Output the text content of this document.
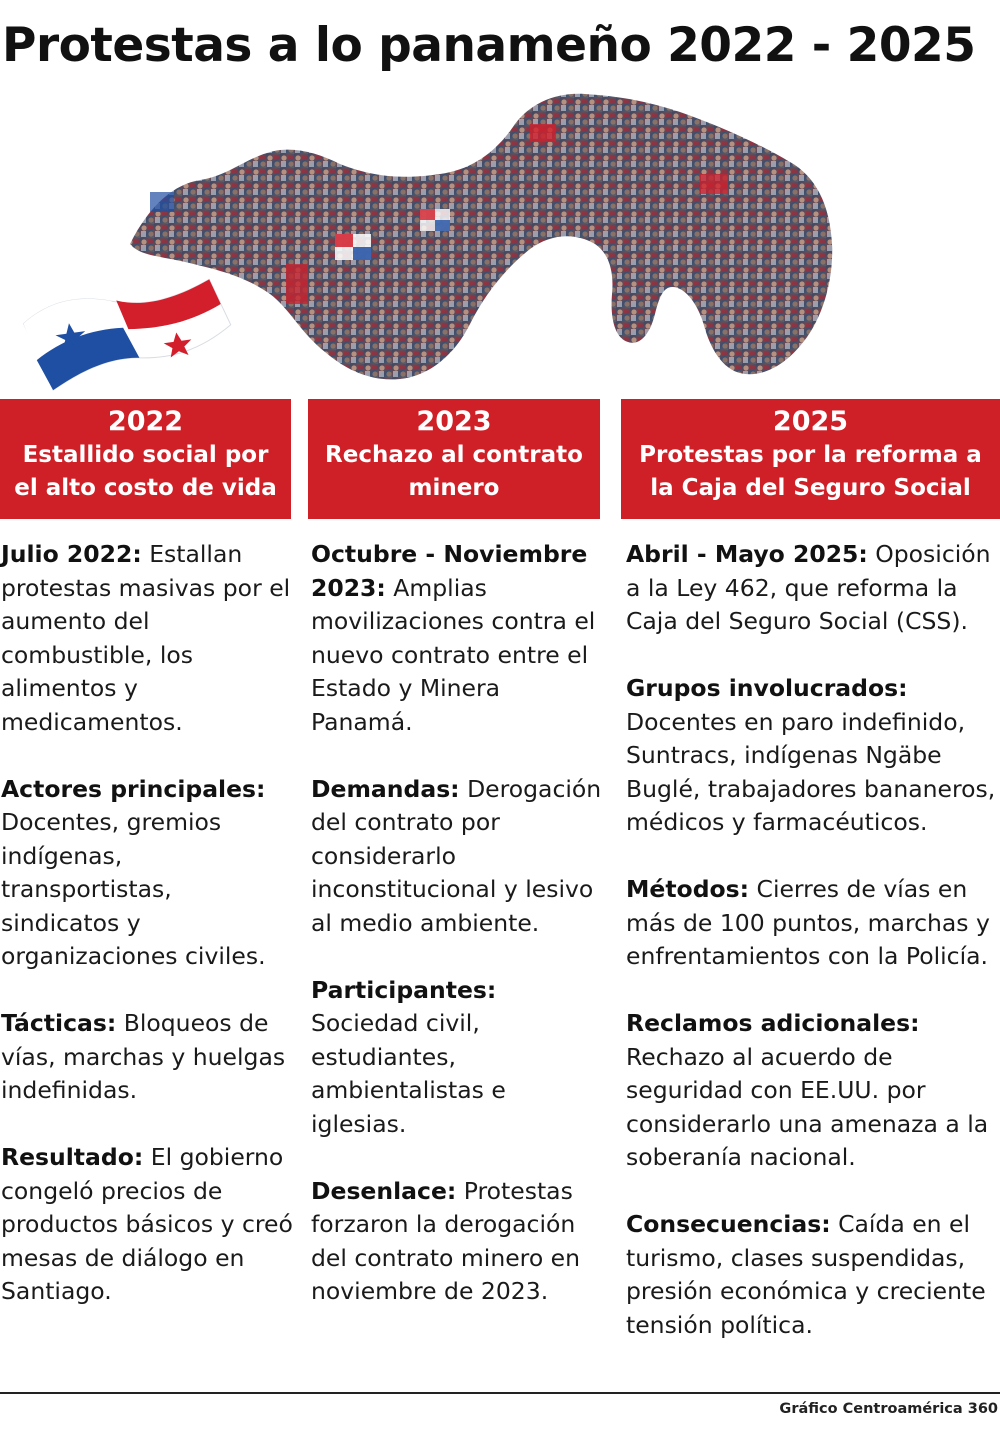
Protestas a lo panameño 2022 - 2025
2022
Estallido social por
el alto costo de vida
2023
Rechazo al contrato
minero
2025
Protestas por la reforma a
la Caja del Seguro Social

Julio 2022: Estallan protestas masivas por el aumento del combustible, los alimentos y medicamentos.

Actores principales: Docentes, gremios indígenas, transportistas, sindicatos y organizaciones civiles.

Tácticas: Bloqueos de vías, marchas y huelgas indefinidas.

Resultado: El gobierno congeló precios de productos básicos y creó mesas de diálogo en Santiago.

Octubre - Noviembre 2023: Amplias movilizaciones contra el nuevo contrato entre el Estado y Minera Panamá.

Demandas: Derogación del contrato por considerarlo inconstitucional y lesivo al medio ambiente.

Participantes: Sociedad civil, estudiantes, ambientalistas e iglesias.

Desenlace: Protestas forzaron la derogación del contrato minero en noviembre de 2023.

Abril - Mayo 2025: Oposición a la Ley 462, que reforma la Caja del Seguro Social (CSS).

Grupos involucrados: Docentes en paro indefinido, Suntracs, indígenas Ngäbe Buglé, trabajadores bananeros, médicos y farmacéuticos.

Métodos: Cierres de vías en más de 100 puntos, marchas y enfrentamientos con la Policía.

Reclamos adicionales: Rechazo al acuerdo de seguridad con EE.UU. por considerarlo una amenaza a la soberanía nacional.

Consecuencias: Caída en el turismo, clases suspendidas, presión económica y creciente tensión política.

Gráfico Centroamérica 360
